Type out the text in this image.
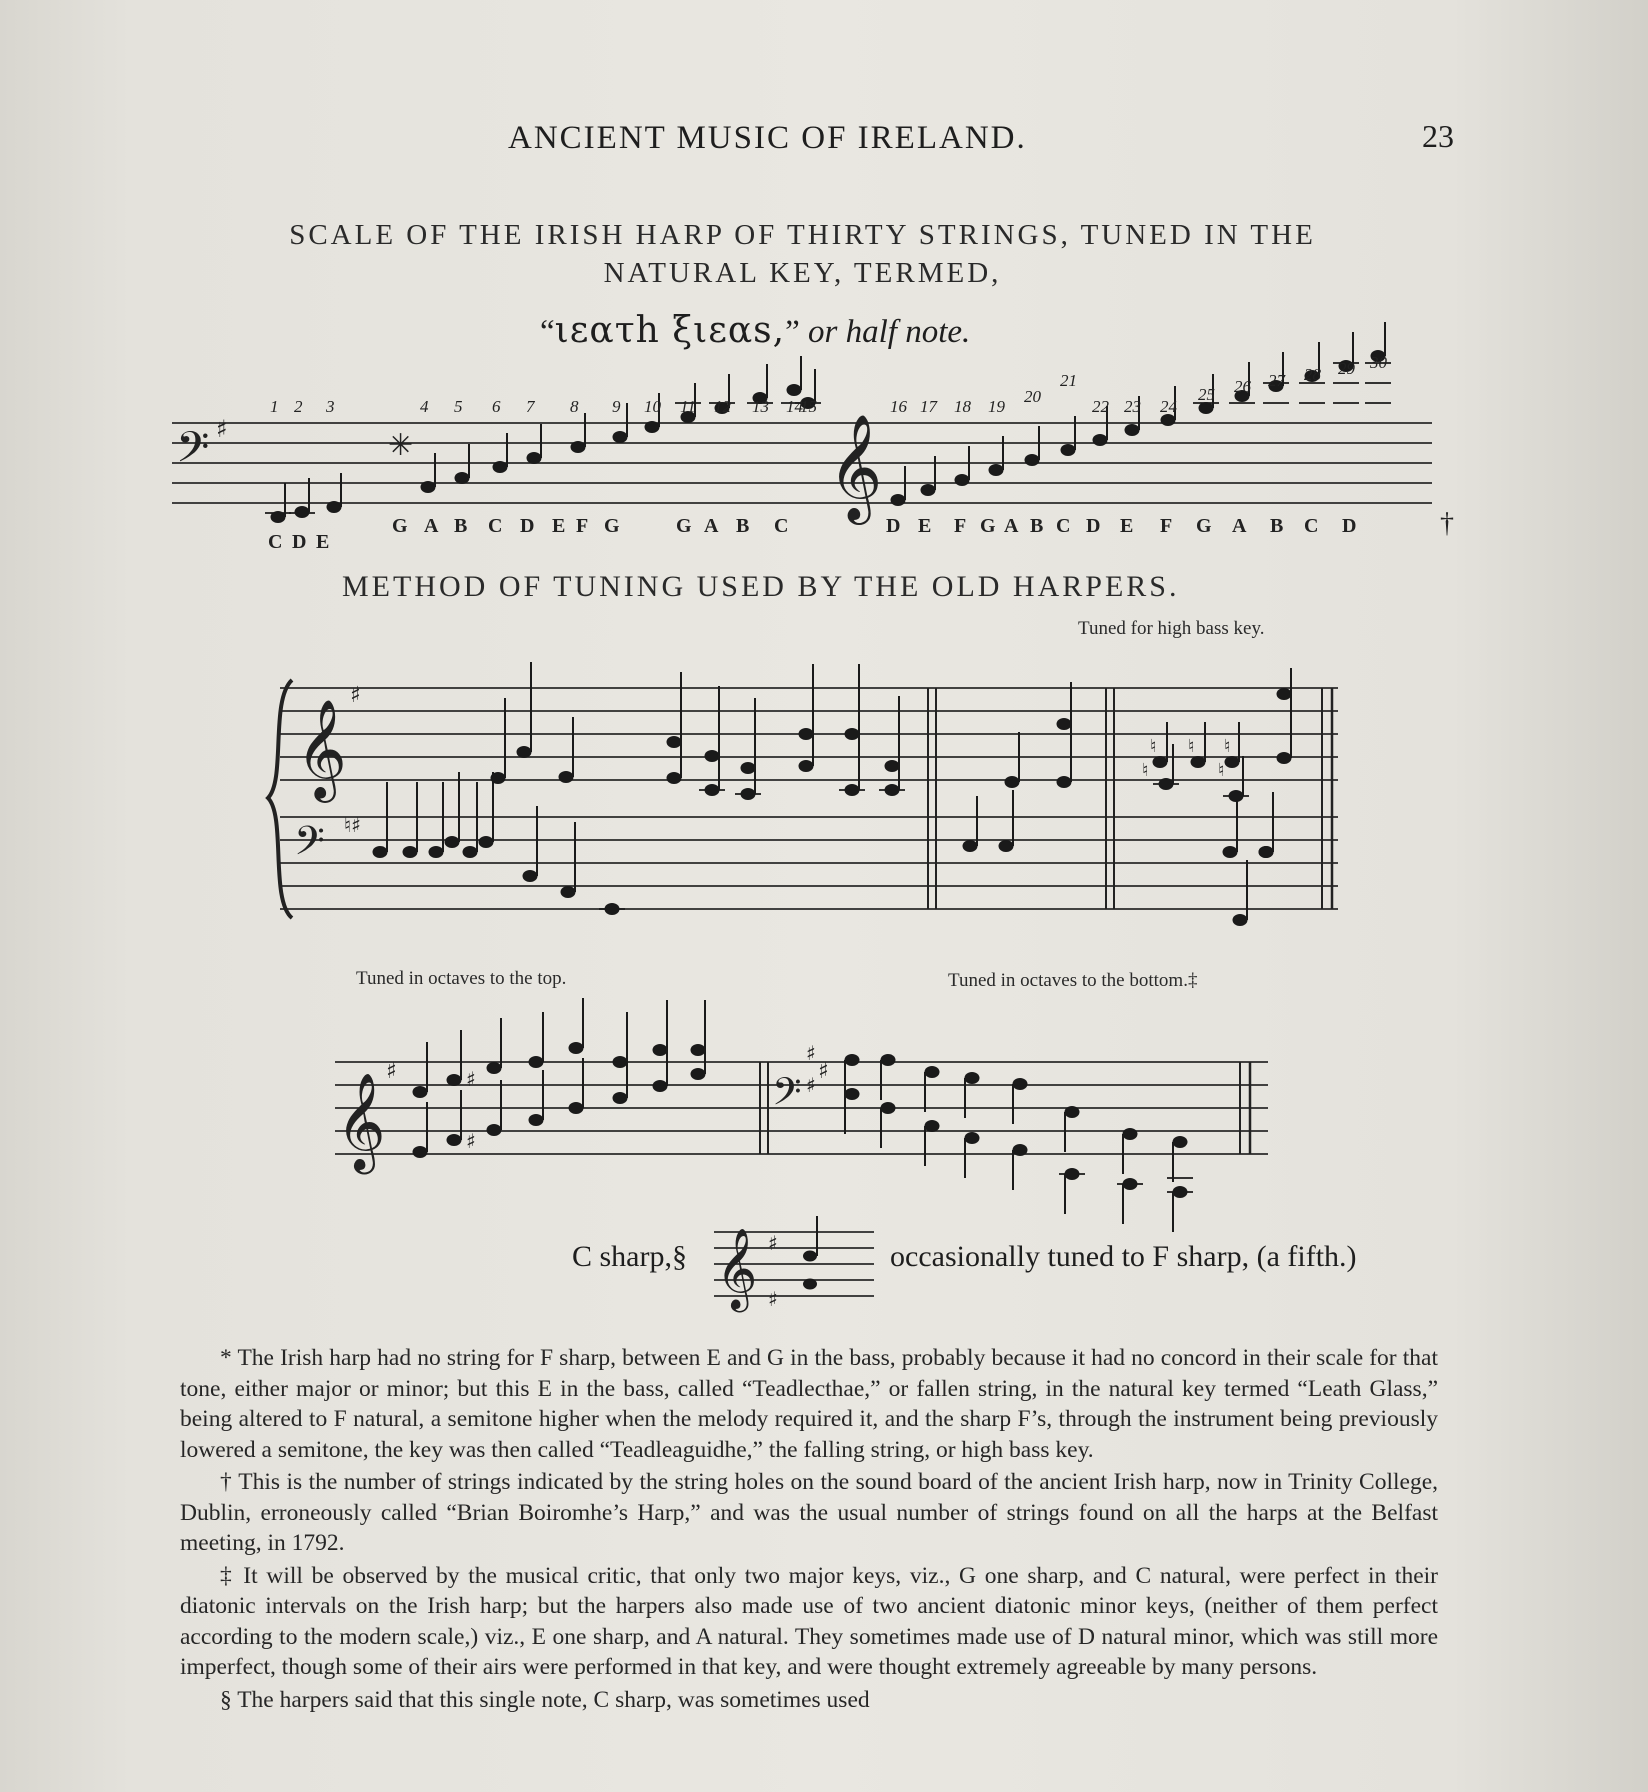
ANCIENT MUSIC OF IRELAND.	23
SCALE OF THE IRISH HARP OF THIRTY STRINGS, TUNED IN THE
NATURAL KEY, TERMED,
“ιεατh ξιεαs,” or half note.
𝄢 ♯	𝄞
✳
1 2 3	4 5 6 7 8 9 10 11 12 13 14
15	16 17 18 19
20
21
22 23 24
25 26 27 28 29 30
C D E
G A B C D E F G	G A B C	D E F G A B C D E F G A B C D	†
METHOD OF TUNING USED BY THE OLD HARPERS.
Tuned for high bass key.
𝄞
♯
𝄢 ♮♯
♮ ♮ ♮
♮	♮
Tuned in octaves to the top.	Tuned in octaves to the bottom.‡
𝄞
♯	𝄢 ♯
♯
♯
♯
♯
C sharp,§ 𝄞 ♯
♯
occasionally tuned to F sharp, (a fifth.)

* The Irish harp had no string for F sharp, between E and G in the bass, probably because it had no concord in their scale for that tone, either major or minor; but this E in the bass, called “Teadlecthae,” or fallen string, in the natural key termed “Leath Glass,” being altered to F natural, a semitone higher when the melody required it, and the sharp F’s, through the instrument being previously lowered a semitone, the key was then called “Teadleaguidhe,” the falling string, or high bass key.

† This is the number of strings indicated by the string holes on the sound board of the ancient Irish harp, now in Trinity College, Dublin, erroneously called “Brian Boiromhe’s Harp,” and was the usual number of strings found on all the harps at the Belfast meeting, in 1792.

‡ It will be observed by the musical critic, that only two major keys, viz., G one sharp, and C natural, were perfect in their diatonic intervals on the Irish harp; but the harpers also made use of two ancient diatonic minor keys, (neither of them perfect according to the modern scale,) viz., E one sharp, and A natural. They sometimes made use of D natural minor, which was still more imperfect, though some of their airs were performed in that key, and were thought extremely agreeable by many persons.

§ The harpers said that this single note, C sharp, was sometimes used
